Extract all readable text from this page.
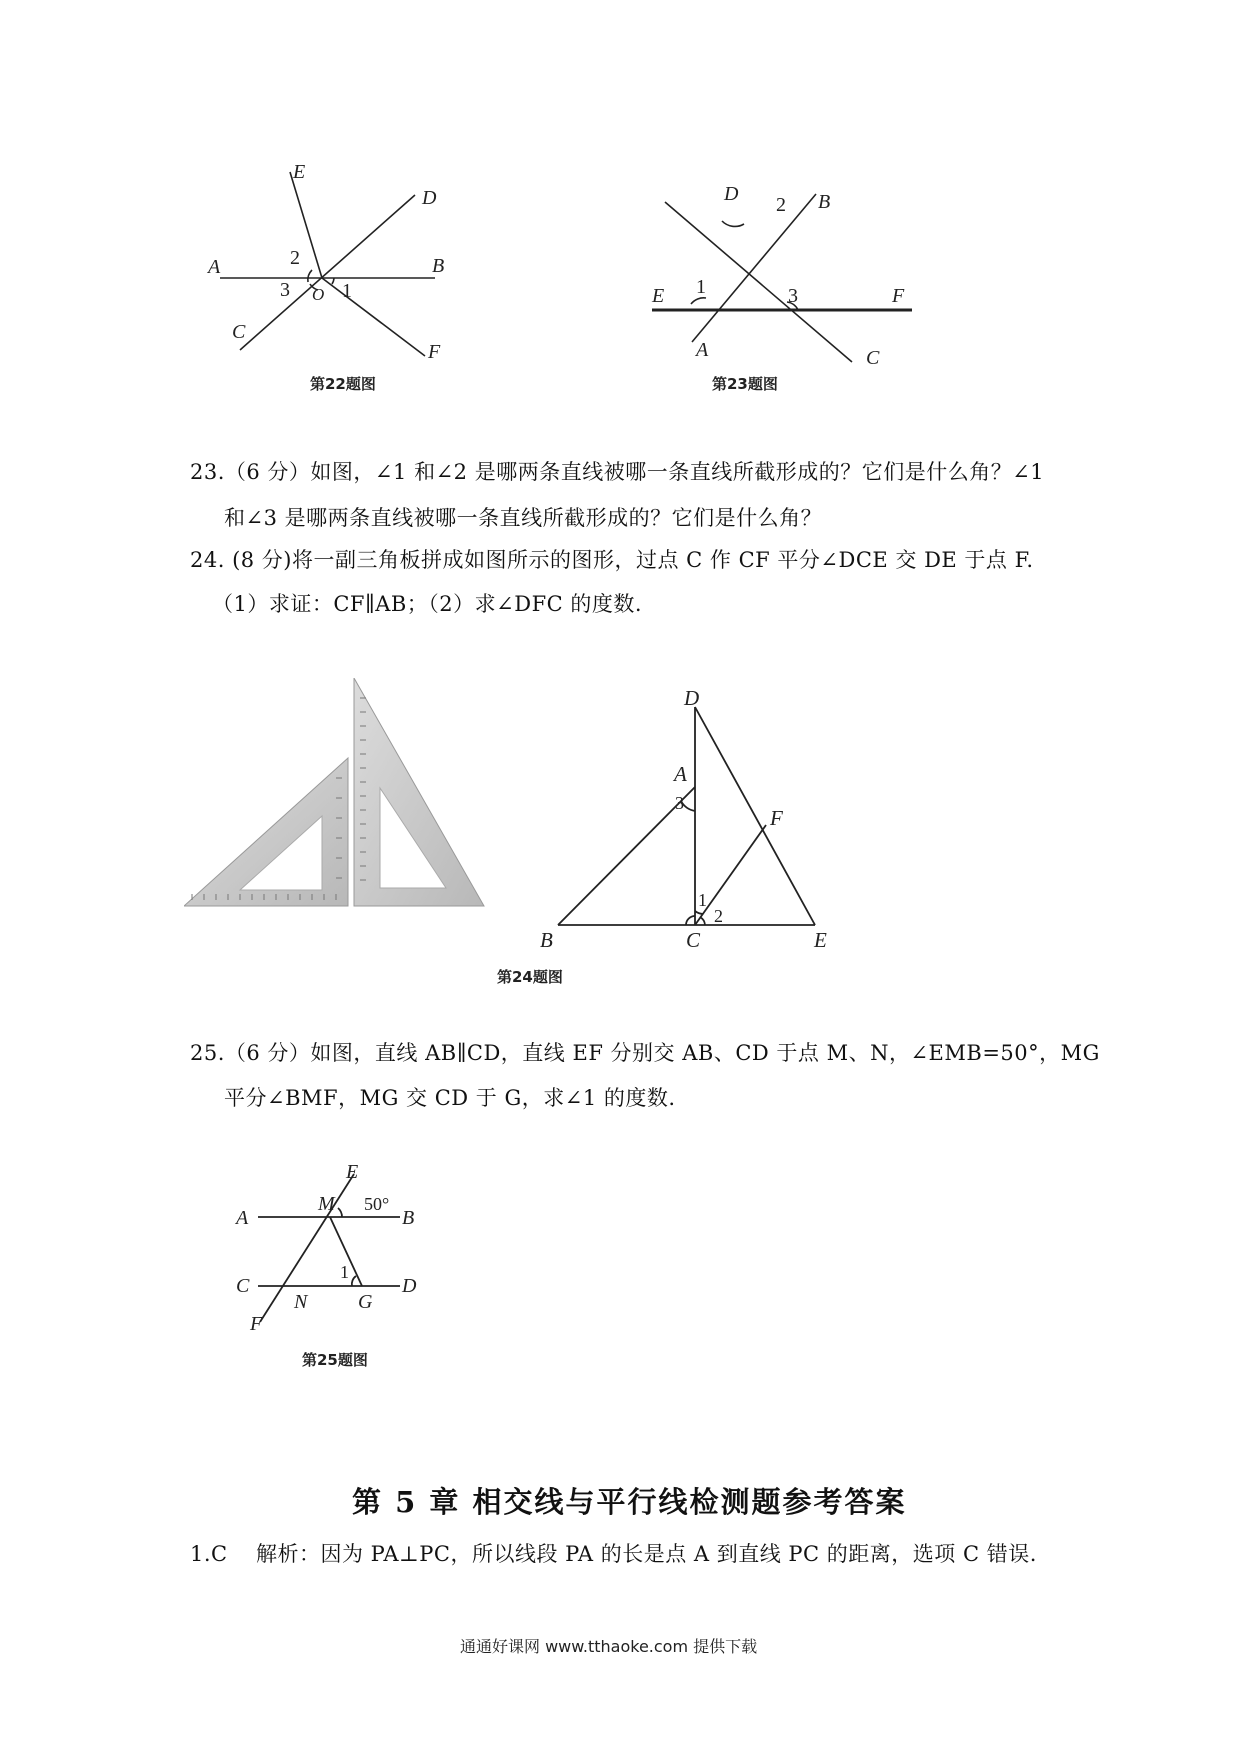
E
D
A	B
C
F
O 1
2
3
第22题图
D	B
E	F
A	C
1
2
3
第23题图
23.（6 分）如图，∠1 和∠2 是哪两条直线被哪一条直线所截形成的？它们是什么角？∠1
和∠3 是哪两条直线被哪一条直线所截形成的？它们是什么角？
24. (8 分)将一副三角板拼成如图所示的图形，过点 C 作 CF 平分∠DCE 交 DE 于点 F.
（1）求证：CF∥AB；（2）求∠DFC 的度数.
D
A
F
B	C	E
1
2
3
第24题图
25.（6 分）如图，直线 AB∥CD，直线 EF 分别交 AB、CD 于点 M、N，∠EMB=50°，MG
平分∠BMF，MG 交 CD 于 G，求∠1 的度数.
E
M 50°
A	B
C	D
N	G
F
1
第25题图
第 5 章 相交线与平行线检测题参考答案
1.C 解析：因为 PA⊥PC，所以线段 PA 的长是点 A 到直线 PC 的距离，选项 C 错误.
通通好课网 www.tthaoke.com 提供下载
